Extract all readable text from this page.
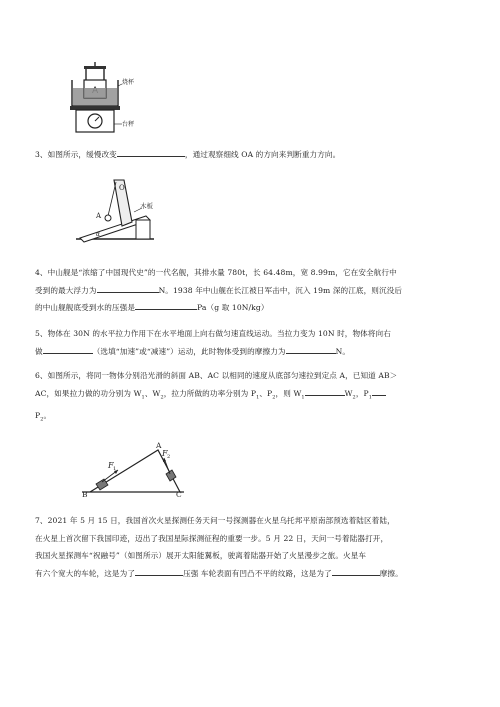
烧杯
台秤
3、如图所示，缓慢改变	，通过观察细线 OA 的方向来判断重力方向。
α
A
O
木板
4、中山舰是“浓缩了中国现代史”的一代名舰，其排水量 780t，长 64.48m，宽 8.99m，它在安全航行中
受到的最大浮力为	N。1938 年中山舰在长江被日军击中，沉入 19m 深的江底，则沉没后
的中山舰舰底受到水的压强是	Pa（g 取 10N/kg）
5、物体在 30N 的水平拉力作用下在水平地面上向右做匀速直线运动。当拉力变为 10N 时，物体将向右
做	（选填“加速”或“减速”）运动，此时物体受到的摩擦力为	N。
6、如图所示，将同一物体分别沿光滑的斜面 AB、AC 以相同的速度从底部匀速拉到定点 A，已知道 AB＞
AC，如果拉力做的功分别为 $W_1$、$W_2$，拉力所做的功率分别为 $P_1$、$P_2$，则 $W_1$	$W_2$，$P_1$
$P_2$。
A
B	C
F 1
F 2
7、2021 年 5 月 15 日，我国首次火星探测任务天问一号探测器在火星乌托邦平原南部预选着陆区着陆，
在火星上首次留下我国印迹，迈出了我国星际探测征程的重要一步。5 月 22 日，天问一号着陆器打开，
我国火星探测车“祝融号”（如图所示）展开太阳能翼板，驶离着陆器开始了火星漫步之旅。火星车
有六个宽大的车轮，这是为了	压强 车轮表面有凹凸不平的纹路，这是为了	摩擦。
